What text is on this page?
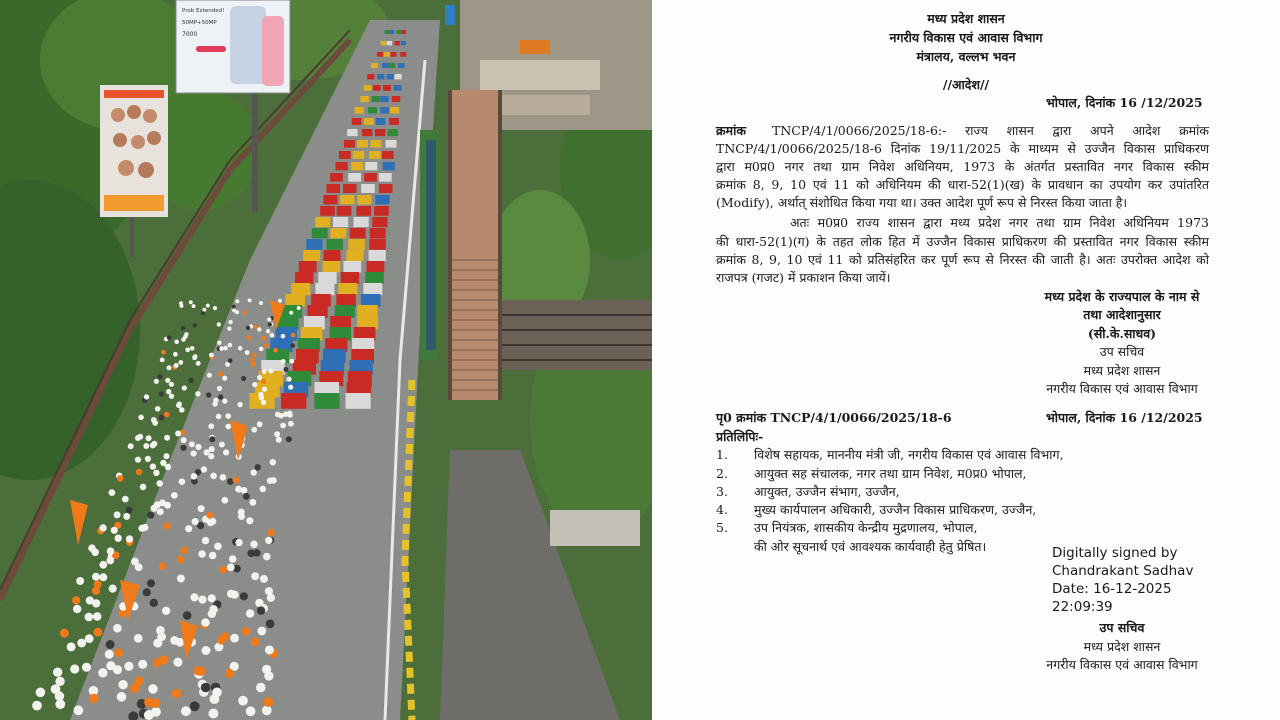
Prob Extended!
50MP+50MP
7000
मध्य प्रदेश शासन
नगरीय विकास एवं आवास विभाग
मंत्रालय, वल्लभ भवन
//आदेश//
भोपाल, दिनांक 16 /12/2025
क्रमांक TNCP/4/1/0066/2025/18-6:- राज्य शासन द्वारा अपने आदेश क्रमांक
TNCP/4/1/0066/2025/18-6 दिनांक 19/11/2025 के माध्यम से उज्जैन विकास प्राधिकरण
द्वारा म0प्र0 नगर तथा ग्राम निवेश अधिनियम, 1973 के अंतर्गत प्रस्तावित नगर विकास स्कीम
क्रमांक 8, 9, 10 एवं 11 को अधिनियम की धारा-52(1)(ख) के प्रावधान का उपयोग कर उपांतरित
(Modify), अर्थात् संशोधित किया गया था। उक्त आदेश पूर्ण रूप से निरस्त किया जाता है।
अतः म0प्र0 राज्य शासन द्वारा मध्य प्रदेश नगर तथा ग्राम निवेश अधिनियम 1973
की धारा-52(1)(ग) के तहत लोक हित में उज्जैन विकास प्राधिकरण की प्रस्तावित नगर विकास स्कीम
क्रमांक 8, 9, 10 एवं 11 को प्रतिसंहरित कर पूर्ण रूप से निरस्त की जाती है। अतः उपरोक्त आदेश को
राजपत्र (गजट) में प्रकाशन किया जायें।
मध्य प्रदेश के राज्यपाल के नाम से
तथा आदेशानुसार
(सी.के.साधव)
उप सचिव
मध्य प्रदेश शासन
नगरीय विकास एवं आवास विभाग
पृ0 क्रमांक TNCP/4/1/0066/2025/18-6	भोपाल, दिनांक 16 /12/2025
प्रतिलिपिः-
1. विशेष सहायक, माननीय मंत्री जी, नगरीय विकास एवं आवास विभाग,
2. आयुक्त सह संचालक, नगर तथा ग्राम निवेश, म0प्र0 भोपाल,
3. आयुक्त, उज्जैन संभाग, उज्जैन,
4. मुख्य कार्यपालन अधिकारी, उज्जैन विकास प्राधिकरण, उज्जैन,
5. उप नियंत्रक, शासकीय केन्द्रीय मुद्रणालय, भोपाल,
की ओर सूचनार्थ एवं आवश्यक कार्यवाही हेतु प्रेषित।	Digitally signed by
Chandrakant Sadhav
Date: 16-12-2025
22:09:39
उप सचिव
मध्य प्रदेश शासन
नगरीय विकास एवं आवास विभाग
